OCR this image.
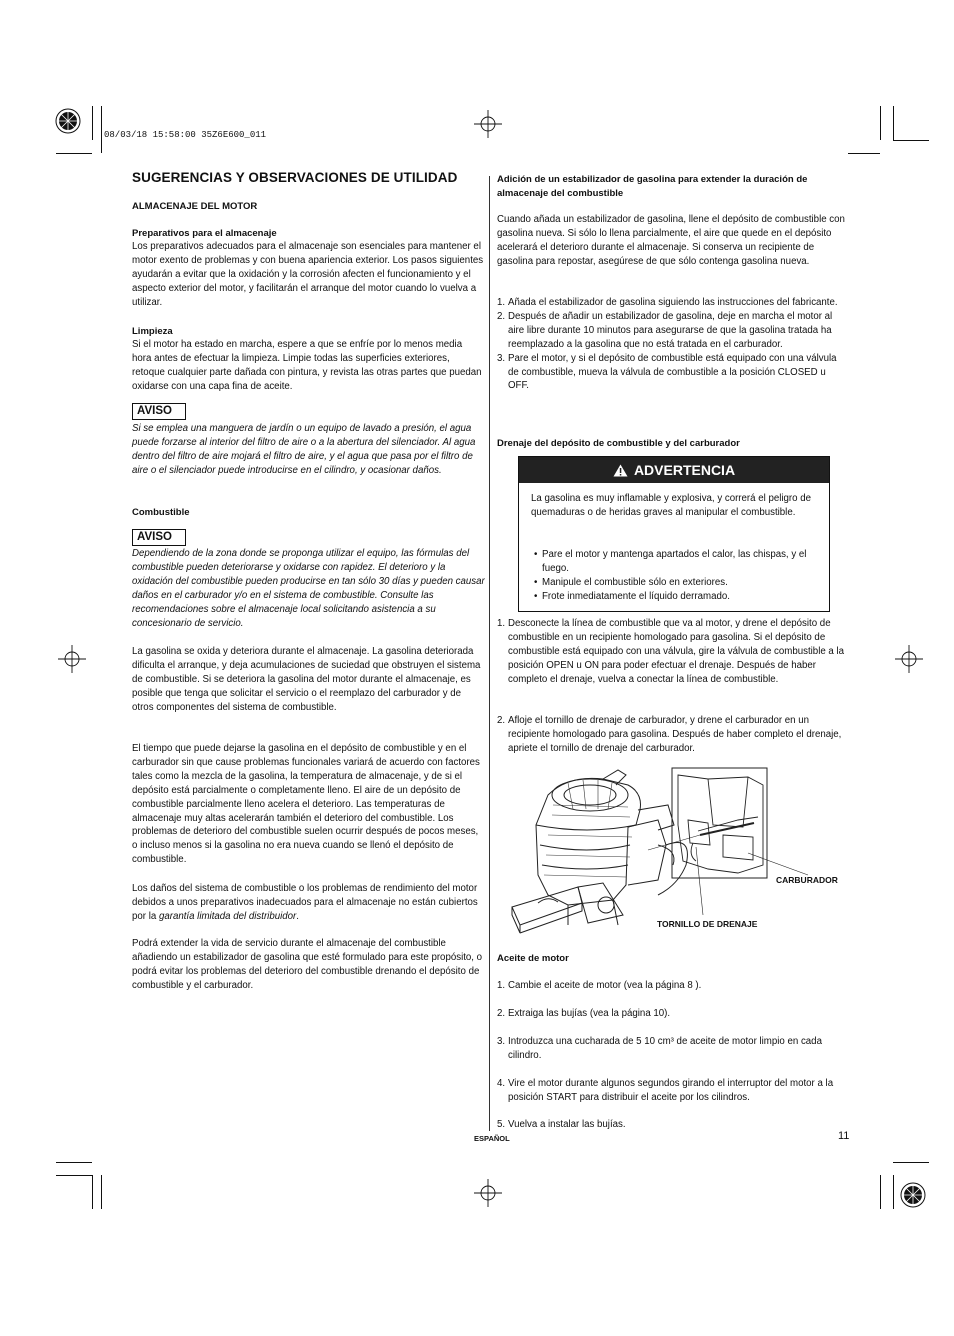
08/03/18 15:58:00 35Z6E600_011
SUGERENCIAS Y OBSERVACIONES DE UTILIDAD
ALMACENAJE DEL MOTOR
Preparativos para el almacenaje
Los preparativos adecuados para el almacenaje son esenciales para mantener el motor exento de problemas y con buena apariencia exterior. Los pasos siguientes ayudarán a evitar que la oxidación y la corrosión afecten el funcionamiento y el aspecto exterior del motor, y facilitarán el arranque del motor cuando lo vuelva a utilizar.
Limpieza
Si el motor ha estado en marcha, espere a que se enfríe por lo menos media hora antes de efectuar la limpieza. Limpie todas las superficies exteriores, retoque cualquier parte dañada con pintura, y revista las otras partes que puedan oxidarse con una capa fina de aceite.
AVISO
Si se emplea una manguera de jardín o un equipo de lavado a presión, el agua puede forzarse al interior del filtro de aire o a la abertura del silenciador. Al agua dentro del filtro de aire mojará el filtro de aire, y el agua que pasa por el filtro de aire o el silenciador puede introducirse en el cilindro, y ocasionar daños.
Combustible
AVISO
Dependiendo de la zona donde se proponga utilizar el equipo, las fórmulas del combustible pueden deteriorarse y oxidarse con rapidez. El deterioro y la oxidación del combustible pueden producirse en tan sólo 30 días y pueden causar daños en el carburador y/o en el sistema de combustible. Consulte las recomendaciones sobre el almacenaje local solicitando asistencia a su concesionario de servicio.
La gasolina se oxida y deteriora durante el almacenaje. La gasolina deteriorada dificulta el arranque, y deja acumulaciones de suciedad que obstruyen el sistema de combustible. Si se deteriora la gasolina del motor durante el almacenaje, es posible que tenga que solicitar el servicio o el reemplazo del carburador y de otros componentes del sistema de combustible.
El tiempo que puede dejarse la gasolina en el depósito de combustible y en el carburador sin que cause problemas funcionales variará de acuerdo con factores tales como la mezcla de la gasolina, la temperatura de almacenaje, y de si el depósito está parcialmente o completamente lleno. El aire de un depósito de combustible parcialmente lleno acelera el deterioro. Las temperaturas de almacenaje muy altas acelerarán también el deterioro del combustible. Los problemas de deterioro del combustible suelen ocurrir después de pocos meses, o incluso menos si la gasolina no era nueva cuando se llenó el depósito de combustible.
Los daños del sistema de combustible o los problemas de rendimiento del motor debidos a unos preparativos inadecuados para el almacenaje no están cubiertos por la garantía limitada del distribuidor.
Podrá extender la vida de servicio durante el almacenaje del combustible añadiendo un estabilizador de gasolina que esté formulado para este propósito, o podrá evitar los problemas del deterioro del combustible drenando el depósito de combustible y el carburador.
Adición de un estabilizador de gasolina para extender la duración de almacenaje del combustible
Cuando añada un estabilizador de gasolina, llene el depósito de combustible con gasolina nueva. Si sólo lo llena parcialmente, el aire que quede en el depósito acelerará el deterioro durante el almacenaje. Si conserva un recipiente de gasolina para repostar, asegúrese de que sólo contenga gasolina nueva.
1. Añada el estabilizador de gasolina siguiendo las instrucciones del fabricante.
2. Después de añadir un estabilizador de gasolina, deje en marcha el motor al aire libre durante 10 minutos para asegurarse de que la gasolina tratada ha reemplazado a la gasolina que no está tratada en el carburador.
3. Pare el motor, y si el depósito de combustible está equipado con una válvula de combustible, mueva la válvula de combustible a la posición CLOSED u OFF.
Drenaje del depósito de combustible y del carburador
ADVERTENCIA
La gasolina es muy inflamable y explosiva, y correrá el peligro de quemaduras o de heridas graves al manipular el combustible.
• Pare el motor y mantenga apartados el calor, las chispas, y el fuego.
• Manipule el combustible sólo en exteriores.
• Frote inmediatamente el líquido derramado.
1. Desconecte la línea de combustible que va al motor, y drene el depósito de combustible en un recipiente homologado para gasolina. Si el depósito de combustible está equipado con una válvula, gire la válvula de combustible a la posición OPEN u ON para poder efectuar el drenaje. Después de haber completo el drenaje, vuelva a conectar la línea de combustible.
2. Afloje el tornillo de drenaje de carburador, y drene el carburador en un recipiente homologado para gasolina. Después de haber completo el drenaje, apriete el tornillo de drenaje del carburador.
CARBURADOR
TORNILLO DE DRENAJE
Aceite de motor
1. Cambie el aceite de motor (vea la página 8 ).
2. Extraiga las bujías (vea la página 10).
3. Introduzca una cucharada de 5 10 cm³ de aceite de motor limpio en cada cilindro.
4. Vire el motor durante algunos segundos girando el interruptor del motor a la posición START para distribuir el aceite por los cilindros.
5. Vuelva a instalar las bujías.
ESPAÑOL	11
